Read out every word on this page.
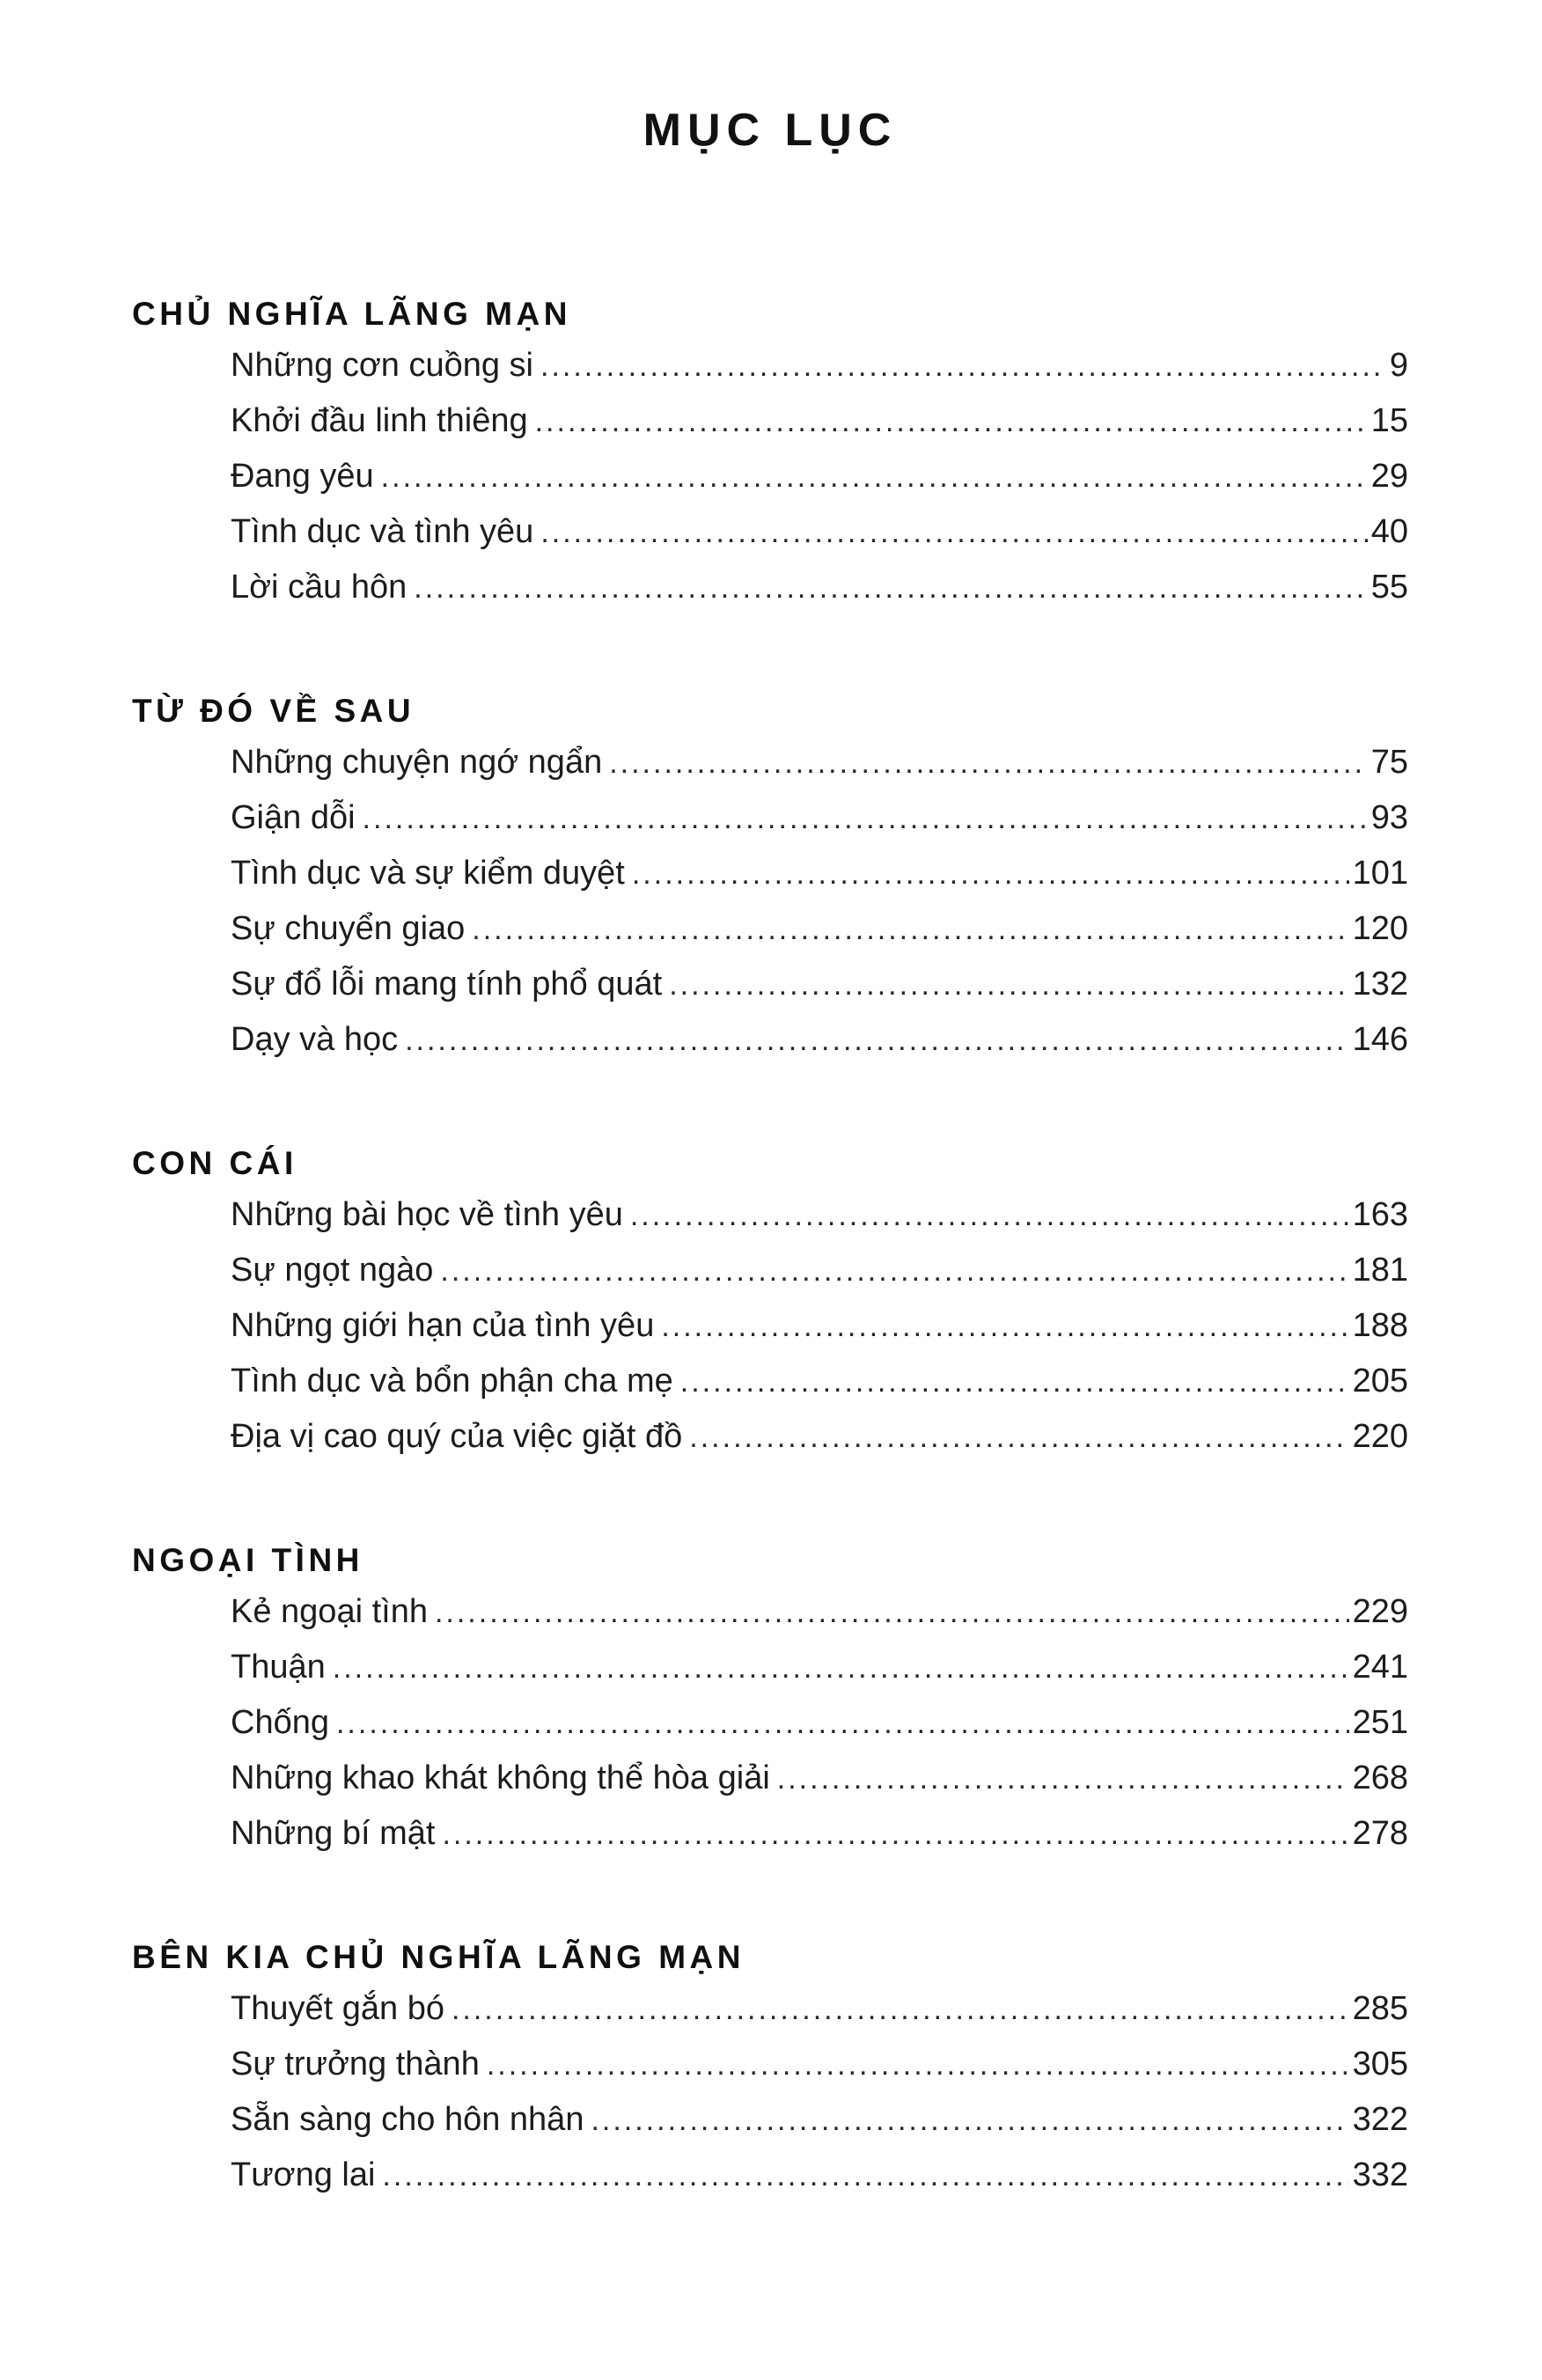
MỤC LỤC
CHỦ NGHĨA LÃNG MẠN
Những cơn cuồng si .....	9
Khởi đầu linh thiêng .....	15
Đang yêu .....	29
Tình dục và tình yêu .....	40
Lời cầu hôn .....	55
TỪ ĐÓ VỀ SAU
Những chuyện ngớ ngẩn .....	75
Giận dỗi .....	93
Tình dục và sự kiểm duyệt .....	101
Sự chuyển giao .....	120
Sự đổ lỗi mang tính phổ quát .....	132
Dạy và học .....	146
CON CÁI
Những bài học về tình yêu .....	163
Sự ngọt ngào .....	181
Những giới hạn của tình yêu .....	188
Tình dục và bổn phận cha mẹ .....	205
Địa vị cao quý của việc giặt đồ .....	220
NGOẠI TÌNH
Kẻ ngoại tình .....	229
Thuận .....	241
Chống .....	251
Những khao khát không thể hòa giải .....	268
Những bí mật .....	278
BÊN KIA CHỦ NGHĨA LÃNG MẠN
Thuyết gắn bó .....	285
Sự trưởng thành .....	305
Sẵn sàng cho hôn nhân .....	322
Tương lai .....	332
